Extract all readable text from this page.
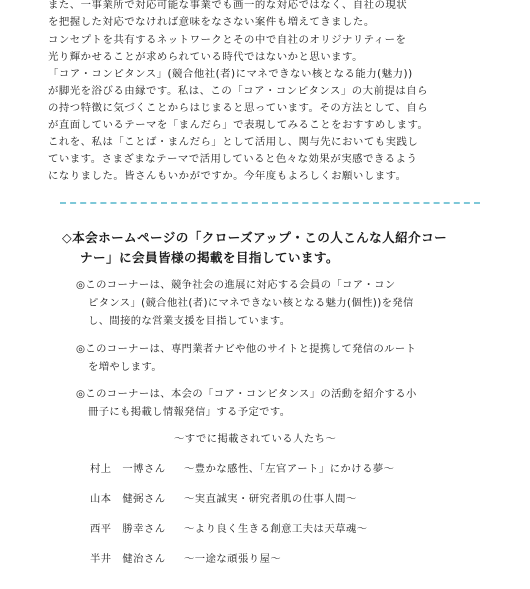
また、一事業所で対応可能な事業でも画一的な対応ではなく、自社の現状
を把握した対応でなければ意味をなさない案件も増えてきました。
コンセプトを共有するネットワークとその中で自社のオリジナリティーを
光り輝かせることが求められている時代ではないかと思います。
「コア・コンピタンス」(競合他社(者)にマネできない核となる能力(魅力))
が脚光を浴びる由縁です。私は、この「コア・コンピタンス」の大前提は自ら
の持つ特徴に気づくことからはじまると思っています。その方法として、自ら
が直面しているテーマを「まんだら」で表現してみることをおすすめします。
これを、私は「ことば・まんだら」として活用し、関与先においても実践し
ています。さまざまなテーマで活用していると色々な効果が実感できるよう
になりました。皆さんもいかがですか。今年度もよろしくお願いします。
◇本会ホームページの「クローズアップ・この人こんな人紹介コー
ナー」に会員皆様の掲載を目指しています。
◎このコーナーは、競争社会の進展に対応する会員の「コア・コン
ピタンス」(競合他社(者)にマネできない核となる魅力(個性))を発信
し、間接的な営業支援を目指しています。
◎このコーナーは、専門業者ナビや他のサイトと提携して発信のルート
を増やします。
◎このコーナーは、本会の「コア・コンピタンス」の活動を紹介する小
冊子にも掲載し情報発信」する予定です。
～すでに掲載されている人たち～
村上　一博さん ～豊かな感性、「左官アート」にかける夢～
山本　健弼さん ～実直誠実・研究者肌の仕事人間～
西平　勝幸さん ～より良く生きる創意工夫は天草魂～
半井　健治さん ～一途な頑張り屋～
